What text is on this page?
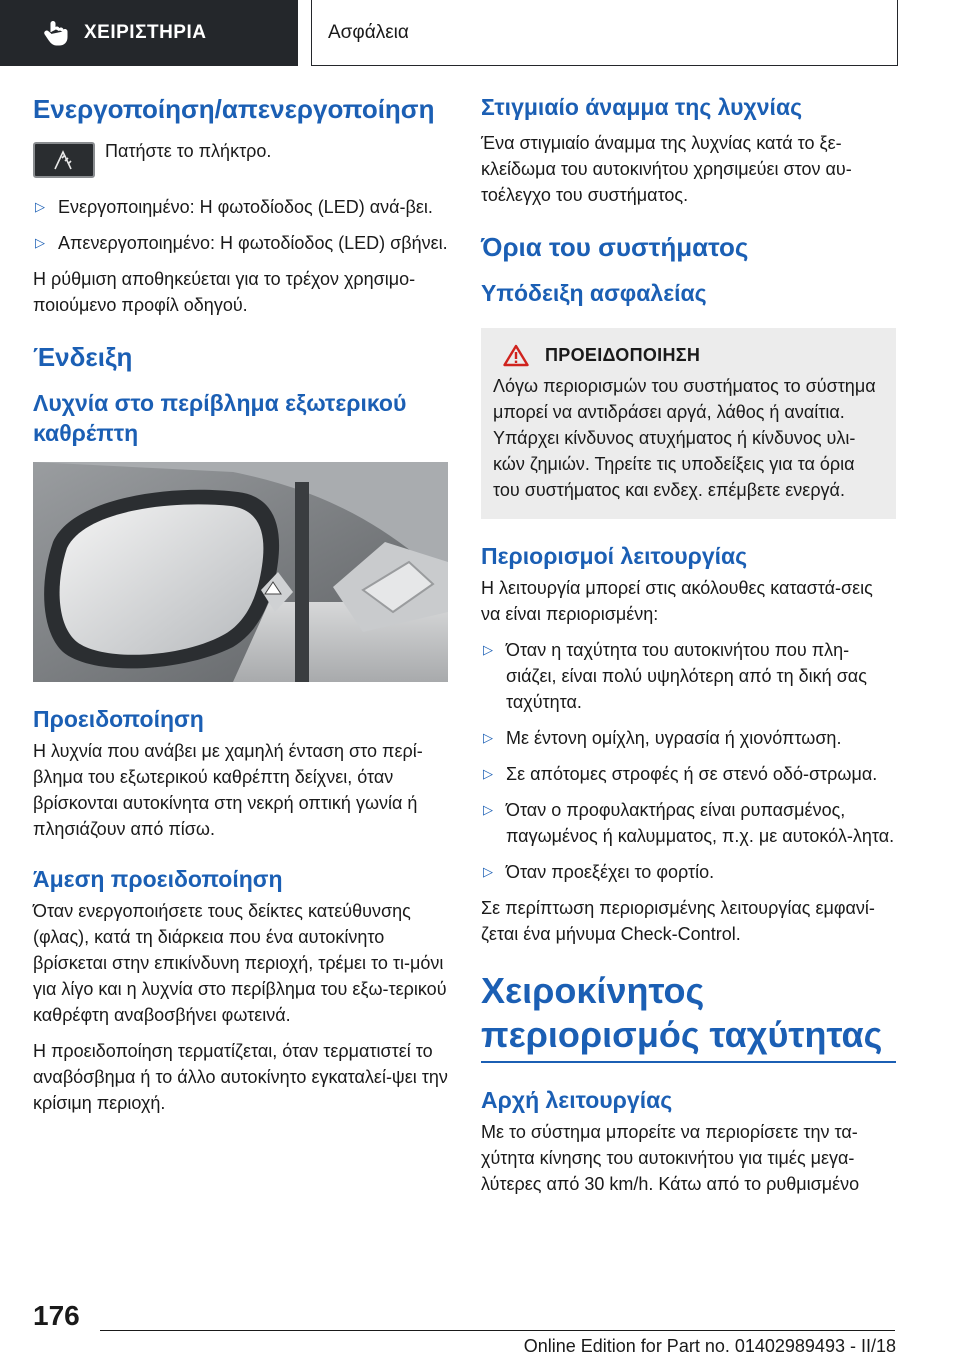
ΧΕΙΡΙΣΤΗΡΙΑ	Ασφάλεια
Ενεργοποίηση/απενεργοποίηση

Πατήστε το πλήκτρο.

▷ Ενεργοποιημένο: Η φωτοδίοδος (LED) ανά-βει.

▷ Απενεργοποιημένο: Η φωτοδίοδος (LED) σβήνει.

Η ρύθμιση αποθηκεύεται για το τρέχον χρησιμο-ποιούμενο προφίλ οδηγού.

Ένδειξη
Λυχνία στο περίβλημα εξωτερικού καθρέπτη
Προειδοποίηση

Η λυχνία που ανάβει με χαμηλή ένταση στο περί-βλημα του εξωτερικού καθρέπτη δείχνει, όταν βρίσκονται αυτοκίνητα στη νεκρή οπτική γωνία ή πλησιάζουν από πίσω.

Άμεση προειδοποίηση

Όταν ενεργοποιήσετε τους δείκτες κατεύθυνσης (φλας), κατά τη διάρκεια που ένα αυτοκίνητο βρίσκεται στην επικίνδυνη περιοχή, τρέμει το τι-μόνι για λίγο και η λυχνία στο περίβλημα του εξω-τερικού καθρέφτη αναβοσβήνει φωτεινά.

Η προειδοποίηση τερματίζεται, όταν τερματιστεί το αναβόσβημα ή το άλλο αυτοκίνητο εγκαταλεί-ψει την κρίσιμη περιοχή.

Στιγμιαίο άναμμα της λυχνίας

Ένα στιγμιαίο άναμμα της λυχνίας κατά το ξε-κλείδωμα του αυτοκινήτου χρησιμεύει στον αυ-τοέλεγχο του συστήματος.

Όρια του συστήματος
Υπόδειξη ασφαλείας
ΠΡΟΕΙΔΟΠΟΙΗΣΗ

Λόγω περιορισμών του συστήματος το σύστημα μπορεί να αντιδράσει αργά, λάθος ή αναίτια. Υπάρχει κίνδυνος ατυχήματος ή κίνδυνος υλι-κών ζημιών. Τηρείτε τις υποδείξεις για τα όρια του συστήματος και ενδεχ. επέμβετε ενεργά.

Περιορισμοί λειτουργίας

Η λειτουργία μπορεί στις ακόλουθες καταστά-σεις να είναι περιορισμένη:

▷ Όταν η ταχύτητα του αυτοκινήτου που πλη-σιάζει, είναι πολύ υψηλότερη από τη δική σας ταχύτητα.

▷ Με έντονη ομίχλη, υγρασία ή χιονόπτωση.

▷ Σε απότομες στροφές ή σε στενό οδό-στρωμα.

▷ Όταν ο προφυλακτήρας είναι ρυπασμένος, παγωμένος ή καλυμματος, π.χ. με αυτοκόλ-λητα.

▷ Όταν προεξέχει το φορτίο.

Σε περίπτωση περιορισμένης λειτουργίας εμφανί-ζεται ένα μήνυμα Check-Control.

Χειροκίνητος περιορισμός ταχύτητας
Αρχή λειτουργίας

Με το σύστημα μπορείτε να περιορίσετε την τα-χύτητα κίνησης του αυτοκινήτου για τιμές μεγα-λύτερες από 30 km/h. Κάτω από το ρυθμισμένο

176
Online Edition for Part no. 01402989493 - II/18
